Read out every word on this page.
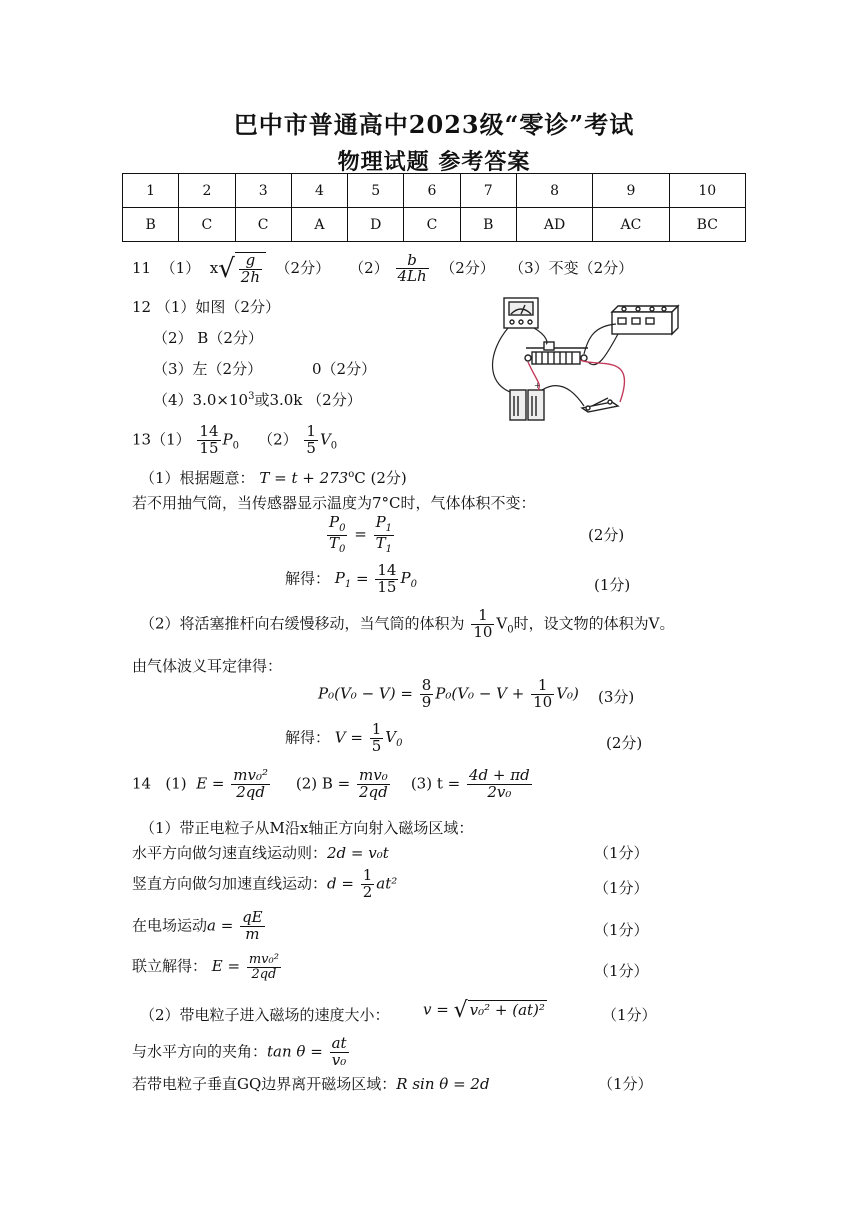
巴中市普通高中2023级“零诊”考试
物理试题 参考答案
1	2	3	4	5	6	7	8	9	10
B	C	C	A	D	C	B	AD	AC	BC
11 （1） $x√ \frac{g}{2h} (2$分） $(2) \frac{b}{4Lh} (2$分） （3）不变（2分）
12 （1）如图（2分）
（2） B（2分）
（3）左（2分）	0（2分）
$(4)3.0\times 10^3$或3.0k （2分）
+
$13(1) \frac{14}{15} P_0$ $(2) \frac{1}{5} V_0$
（1）根据题意： $T = t + 273^oC$ (2分)
若不用抽气筒，当传感器显示温度为7°C时，气体体积不变：
$\frac{P_0}{T_0} = \frac{P_1}{T_1}$	(2分)
解得： $P_1 = \frac{14}{15} P_0$	(1分)
（2）将活塞推杆向右缓慢移动，当气筒的体积为 $\frac{1}{10} V_0$时，设文物的体积为V。
由气体波义耳定律得：
$P_0(V_0 - V) = \frac{8}{9} P_0(V_0 - V + \frac{1}{10} V_0)$ (3分)
解得： $V = \frac{1}{5} V_0$	(2分)
14 (1) $E = \frac{\text{mv₀²}}{2qd} (2) B = \frac{\text{mv₀}}{2qd} (3) t = \frac{4d + \pi d}{\text{2v₀}}$
（1）带正电粒子从M沿x轴正方向射入磁场区域：
水平方向做匀速直线运动则：2d = v₀t	（1分）
竖直方向做匀加速直线运动：$d = \frac{1}{2} at^2$	（1分）
在电场运动$a = \frac{qE}{m}$	（1分）
联立解得： $E = \frac{\text{mv₀²}}{2qd}$	（1分）
（2）带电粒子进入磁场的速度大小： v = √ v₀² + (at)²	（1分）
与水平方向的夹角：$\tan \theta = \frac{at}{\text{v₀}}$
若带电粒子垂直GQ边界离开磁场区域：R sin θ = 2d	（1分）
